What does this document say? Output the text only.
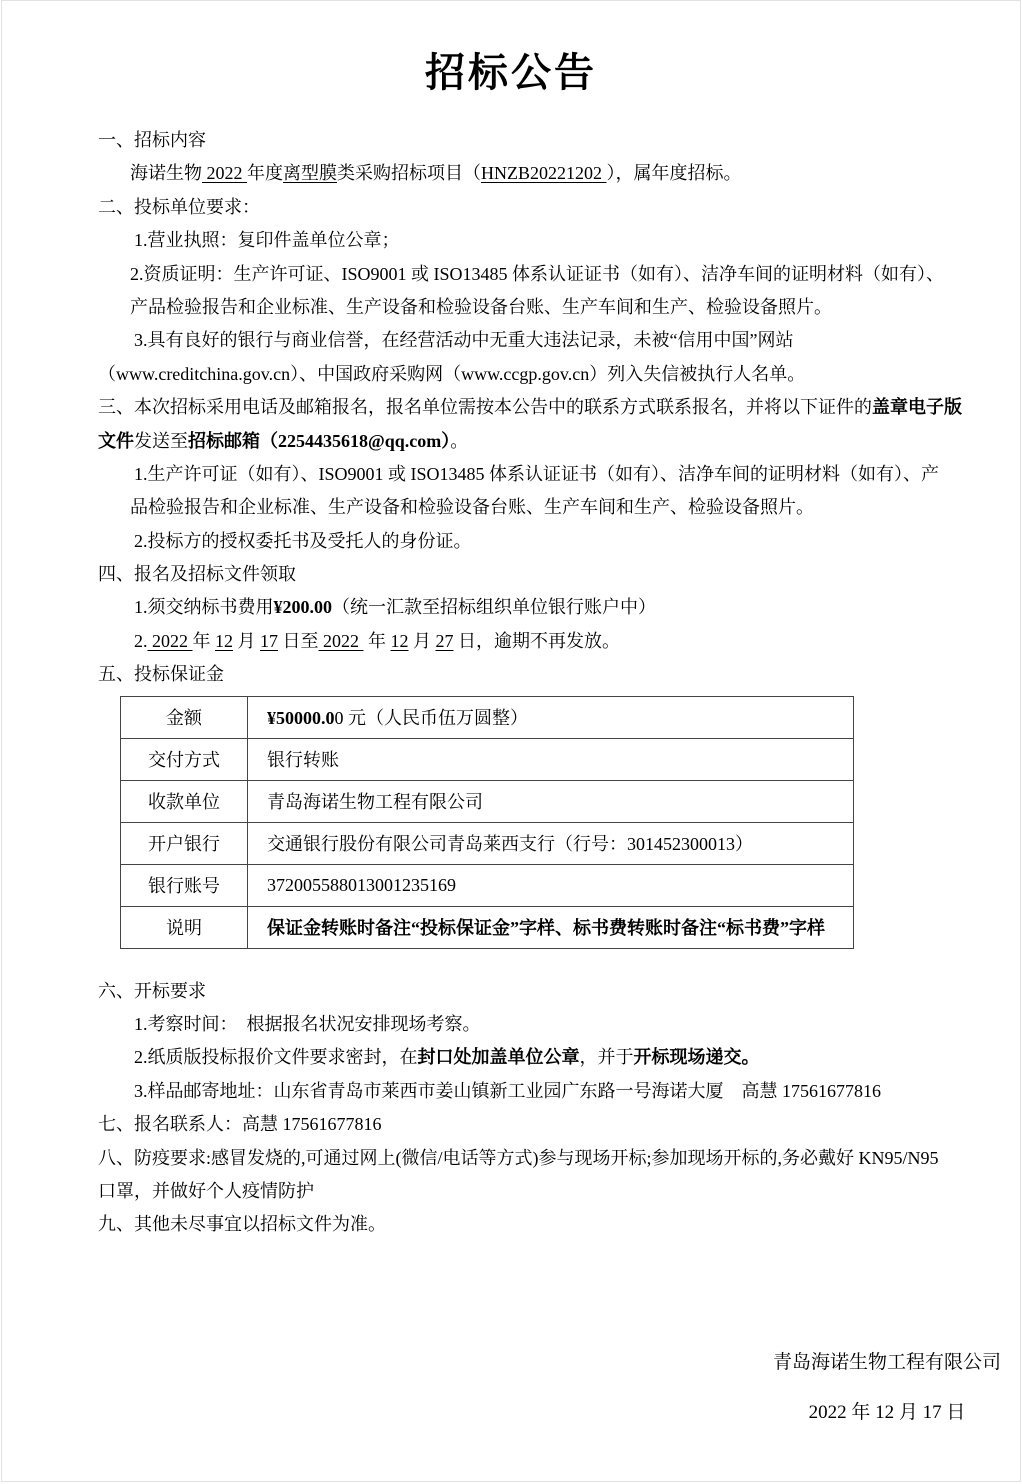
招标公告
一、招标内容
海诺生物 2022 年度离型膜类采购招标项目（HNZB20221202 ），属年度招标。
二、投标单位要求：
1.营业执照：复印件盖单位公章；
2.资质证明：生产许可证、ISO9001 或 ISO13485 体系认证证书（如有）、洁净车间的证明材料（如有）、
产品检验报告和企业标准、生产设备和检验设备台账、生产车间和生产、检验设备照片。
3.具有良好的银行与商业信誉，在经营活动中无重大违法记录，未被“信用中国”网站
（www.creditchina.gov.cn）、中国政府采购网（www.ccgp.gov.cn）列入失信被执行人名单。
三、本次招标采用电话及邮箱报名，报名单位需按本公告中的联系方式联系报名，并将以下证件的盖章电子版
文件发送至招标邮箱（2254435618@qq.com）。
1.生产许可证（如有）、ISO9001 或 ISO13485 体系认证证书（如有）、洁净车间的证明材料（如有）、产
品检验报告和企业标准、生产设备和检验设备台账、生产车间和生产、检验设备照片。
2.投标方的授权委托书及受托人的身份证。
四、报名及招标文件领取
1.须交纳标书费用¥200.00（统一汇款至招标组织单位银行账户中）
2. 2022 年 12 月 17 日至 2022  年 12 月 27 日，逾期不再发放。
五、投标保证金
金额	¥50000.00 元（人民币伍万圆整）
交付方式	银行转账
收款单位	青岛海诺生物工程有限公司
开户银行	交通银行股份有限公司青岛莱西支行（行号：301452300013）
银行账号	372005588013001235169
说明	保证金转账时备注“投标保证金”字样、标书费转账时备注“标书费”字样
六、开标要求
1.考察时间：  根据报名状况安排现场考察。
2.纸质版投标报价文件要求密封，在封口处加盖单位公章，并于开标现场递交。
3.样品邮寄地址：山东省青岛市莱西市姜山镇新工业园广东路一号海诺大厦　高慧 17561677816
七、报名联系人：高慧 17561677816
八、防疫要求:感冒发烧的,可通过网上(微信/电话等方式)参与现场开标;参加现场开标的,务必戴好 KN95/N95
口罩，并做好个人疫情防护
九、其他未尽事宜以招标文件为准。
青岛海诺生物工程有限公司
2022 年 12 月 17 日
